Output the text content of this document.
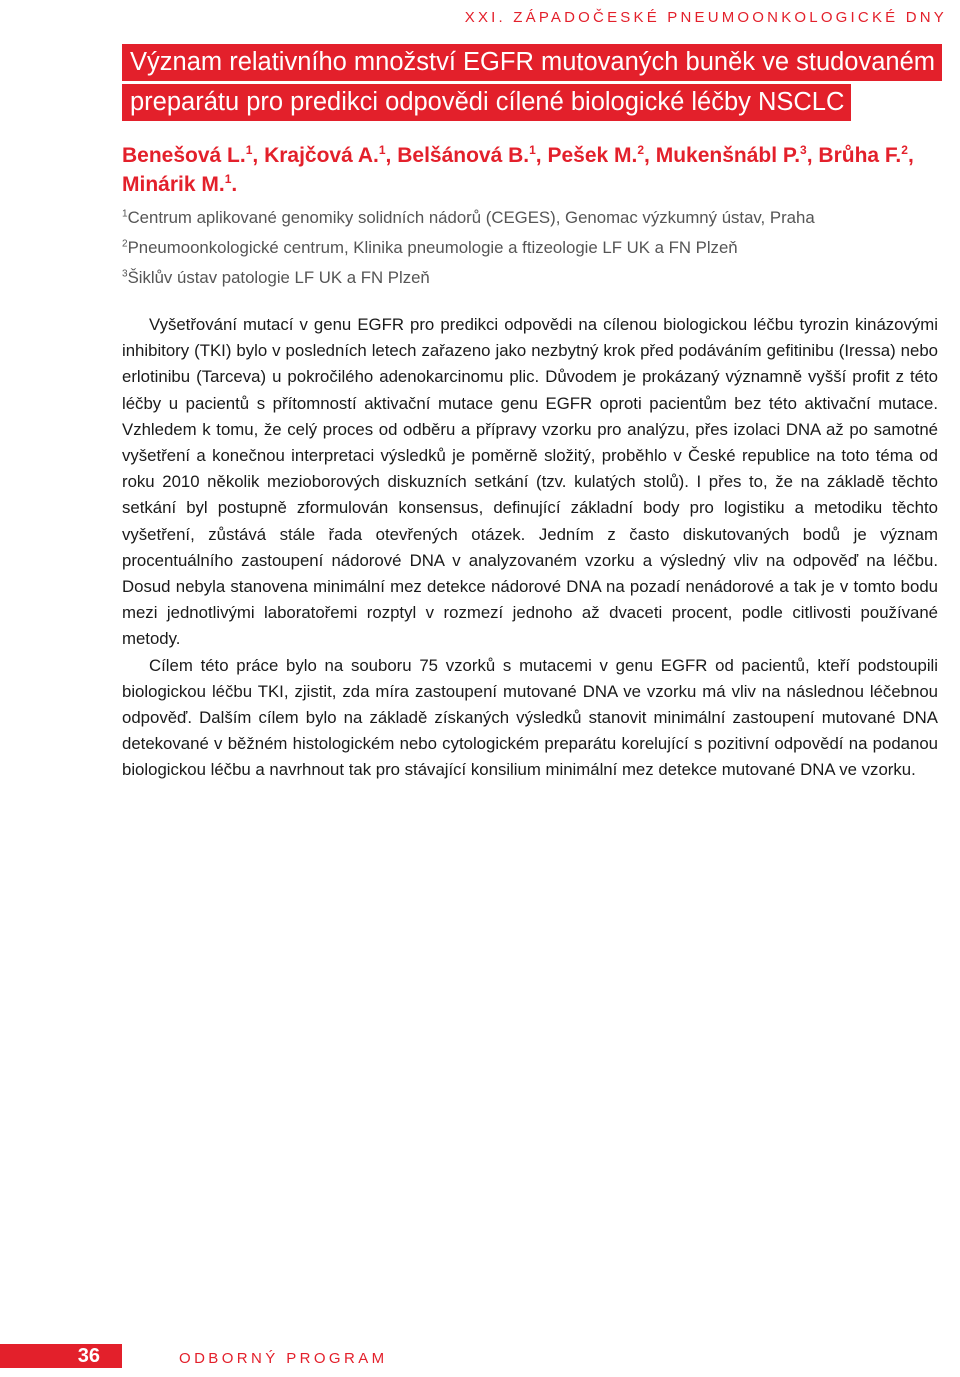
XXI. ZÁPADOČESKÉ PNEUMOONKOLOGICKÉ DNY
Význam relativního množství EGFR mutovaných buněk ve studovaném
preparátu pro predikci odpovědi cílené biologické léčby NSCLC
Benešová L.$^1$, Krajčová A.$^1$, Belšánová B.$^1$, Pešek M.$^2$, Mukenšnábl P.$^3$, Brůha F.$^2$, Minárik M.$^1$.
$^1$Centrum aplikované genomiky solidních nádorů (CEGES), Genomac výzkumný ústav, Praha
$^2$Pneumoonkologické centrum, Klinika pneumologie a ftizeologie LF UK a FN Plzeň
$^3$Šiklův ústav patologie LF UK a FN Plzeň

Vyšetřování mutací v genu EGFR pro predikci odpovědi na cílenou biologickou léčbu tyrozin kinázovými inhibitory (TKI) bylo v posledních letech zařazeno jako nezbytný krok před podáváním gefitinibu (Iressa) nebo erlotinibu (Tarceva) u pokročilého adenokarcinomu plic. Důvodem je prokázaný významně vyšší profit z této léčby u pacientů s přítomností aktivační mutace genu EGFR oproti pacientům bez této aktivační mutace. Vzhledem k tomu, že celý proces od odběru a přípravy vzorku pro analýzu, přes izolaci DNA až po samotné vyšetření a konečnou interpretaci výsledků je poměrně složitý, proběhlo v České republice na toto téma od roku 2010 několik mezioborových diskuzních setkání (tzv. kulatých stolů). I přes to, že na základě těchto setkání byl postupně zformulován konsensus, definující základní body pro logistiku a metodiku těchto vyšetření, zůstává stále řada otevřených otázek. Jedním z často diskutovaných bodů je význam procentuálního zastoupení nádorové DNA v analyzovaném vzorku a výsledný vliv na odpověď na léčbu. Dosud nebyla stanovena minimální mez detekce nádorové DNA na pozadí nenádorové a tak je v tomto bodu mezi jednotlivými laboratořemi rozptyl v rozmezí jednoho až dvaceti procent, podle citlivosti používané metody.

Cílem této práce bylo na souboru 75 vzorků s mutacemi v genu EGFR od pacientů, kteří podstoupili biologickou léčbu TKI, zjistit, zda míra zastoupení mutované DNA ve vzorku má vliv na následnou léčebnou odpověď. Dalším cílem bylo na základě získaných výsledků stanovit minimální zastoupení mutované DNA detekované v běžném histologickém nebo cytologickém preparátu korelující s pozitivní odpovědí na podanou biologickou léčbu a navrhnout tak pro stávající konsilium minimální mez detekce mutované DNA ve vzorku.

36	ODBORNÝ PROGRAM
